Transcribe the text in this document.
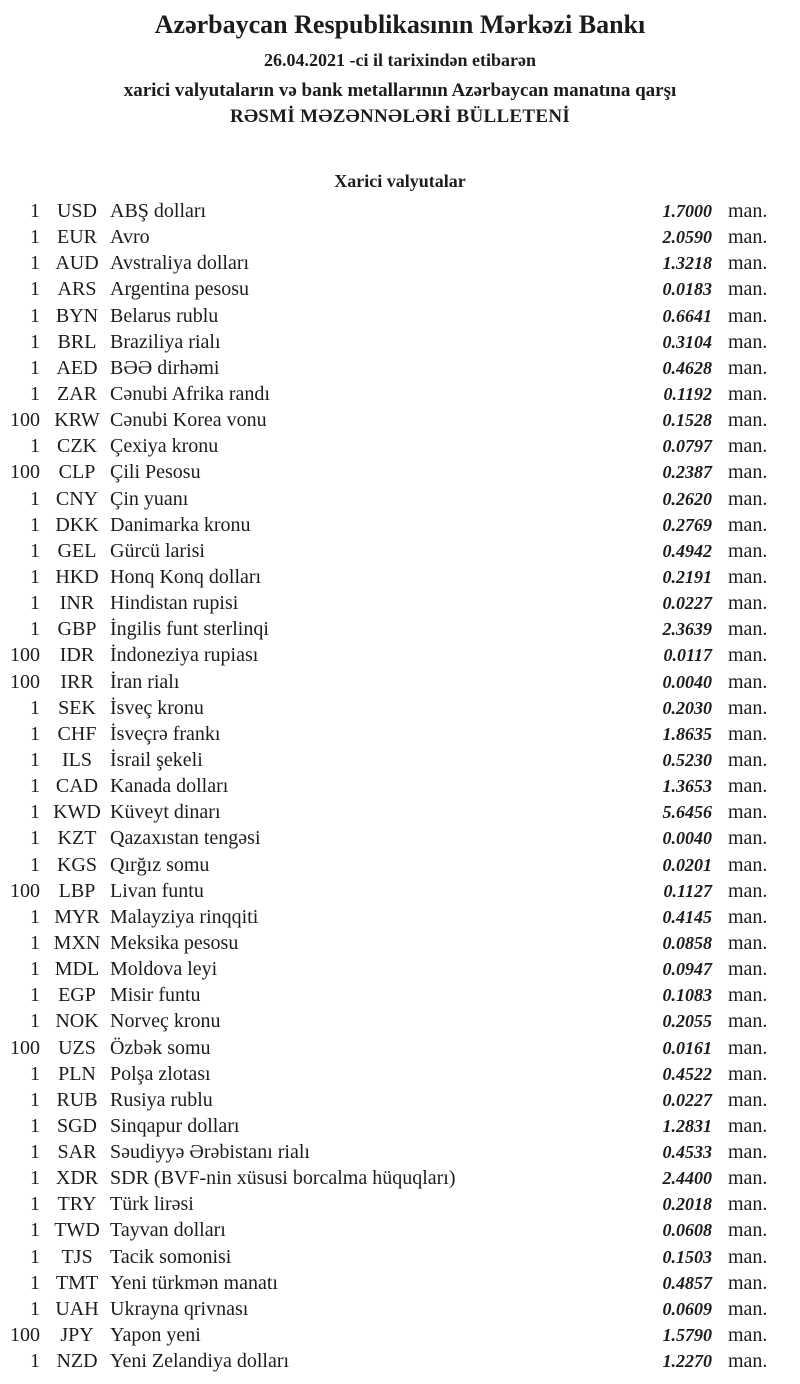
Azərbaycan Respublikasının Mərkəzi Bankı
26.04.2021 -ci il tarixindən etibarən
xarici valyutaların və bank metallarının Azərbaycan manatına qarşı
RƏSMİ MƏZƏNNƏLƏRİ BÜLLETENİ
Xarici valyutalar
1 USD ABŞ dolları	1.7000 man.
1 EUR Avro	2.0590 man.
1 AUD Avstraliya dolları	1.3218 man.
1 ARS Argentina pesosu	0.0183 man.
1 BYN Belarus rublu	0.6641 man.
1 BRL Braziliya rialı	0.3104 man.
1 AED BƏƏ dirhəmi	0.4628 man.
1 ZAR Cənubi Afrika randı	0.1192 man.
100 KRW Cənubi Korea vonu	0.1528 man.
1 CZK Çexiya kronu	0.0797 man.
100 CLP Çili Pesosu	0.2387 man.
1 CNY Çin yuanı	0.2620 man.
1 DKK Danimarka kronu	0.2769 man.
1 GEL Gürcü larisi	0.4942 man.
1 HKD Honq Konq dolları	0.2191 man.
1 INR Hindistan rupisi	0.0227 man.
1 GBP İngilis funt sterlinqi	2.3639 man.
100 IDR İndoneziya rupiası	0.0117 man.
100	IRR İran rialı	0.0040 man.
1 SEK İsveç kronu	0.2030 man.
1 CHF İsveçrə frankı	1.8635 man.
1	ILS İsrail şekeli	0.5230 man.
1 CAD Kanada dolları	1.3653 man.
1 KWD Küveyt dinarı	5.6456 man.
1 KZT Qazaxıstan tengəsi	0.0040 man.
1 KGS Qırğız somu	0.0201 man.
100 LBP Livan funtu	0.1127 man.
1 MYR Malayziya rinqqiti	0.4145 man.
1 MXN Meksika pesosu	0.0858 man.
1 MDL Moldova leyi	0.0947 man.
1 EGP Misir funtu	0.1083 man.
1 NOK Norveç kronu	0.2055 man.
100 UZS Özbək somu	0.0161 man.
1 PLN Polşa zlotası	0.4522 man.
1 RUB Rusiya rublu	0.0227 man.
1 SGD Sinqapur dolları	1.2831 man.
1 SAR Səudiyyə Ərəbistanı rialı	0.4533 man.
1 XDR SDR (BVF-nin xüsusi borcalma hüquqları)	2.4400 man.
1 TRY Türk lirəsi	0.2018 man.
1 TWD Tayvan dolları	0.0608 man.
1	TJS Tacik somonisi	0.1503 man.
1 TMT Yeni türkmən manatı	0.4857 man.
1 UAH Ukrayna qrivnası	0.0609 man.
100	JPY Yapon yeni	1.5790 man.
1 NZD Yeni Zelandiya dolları	1.2270 man.
